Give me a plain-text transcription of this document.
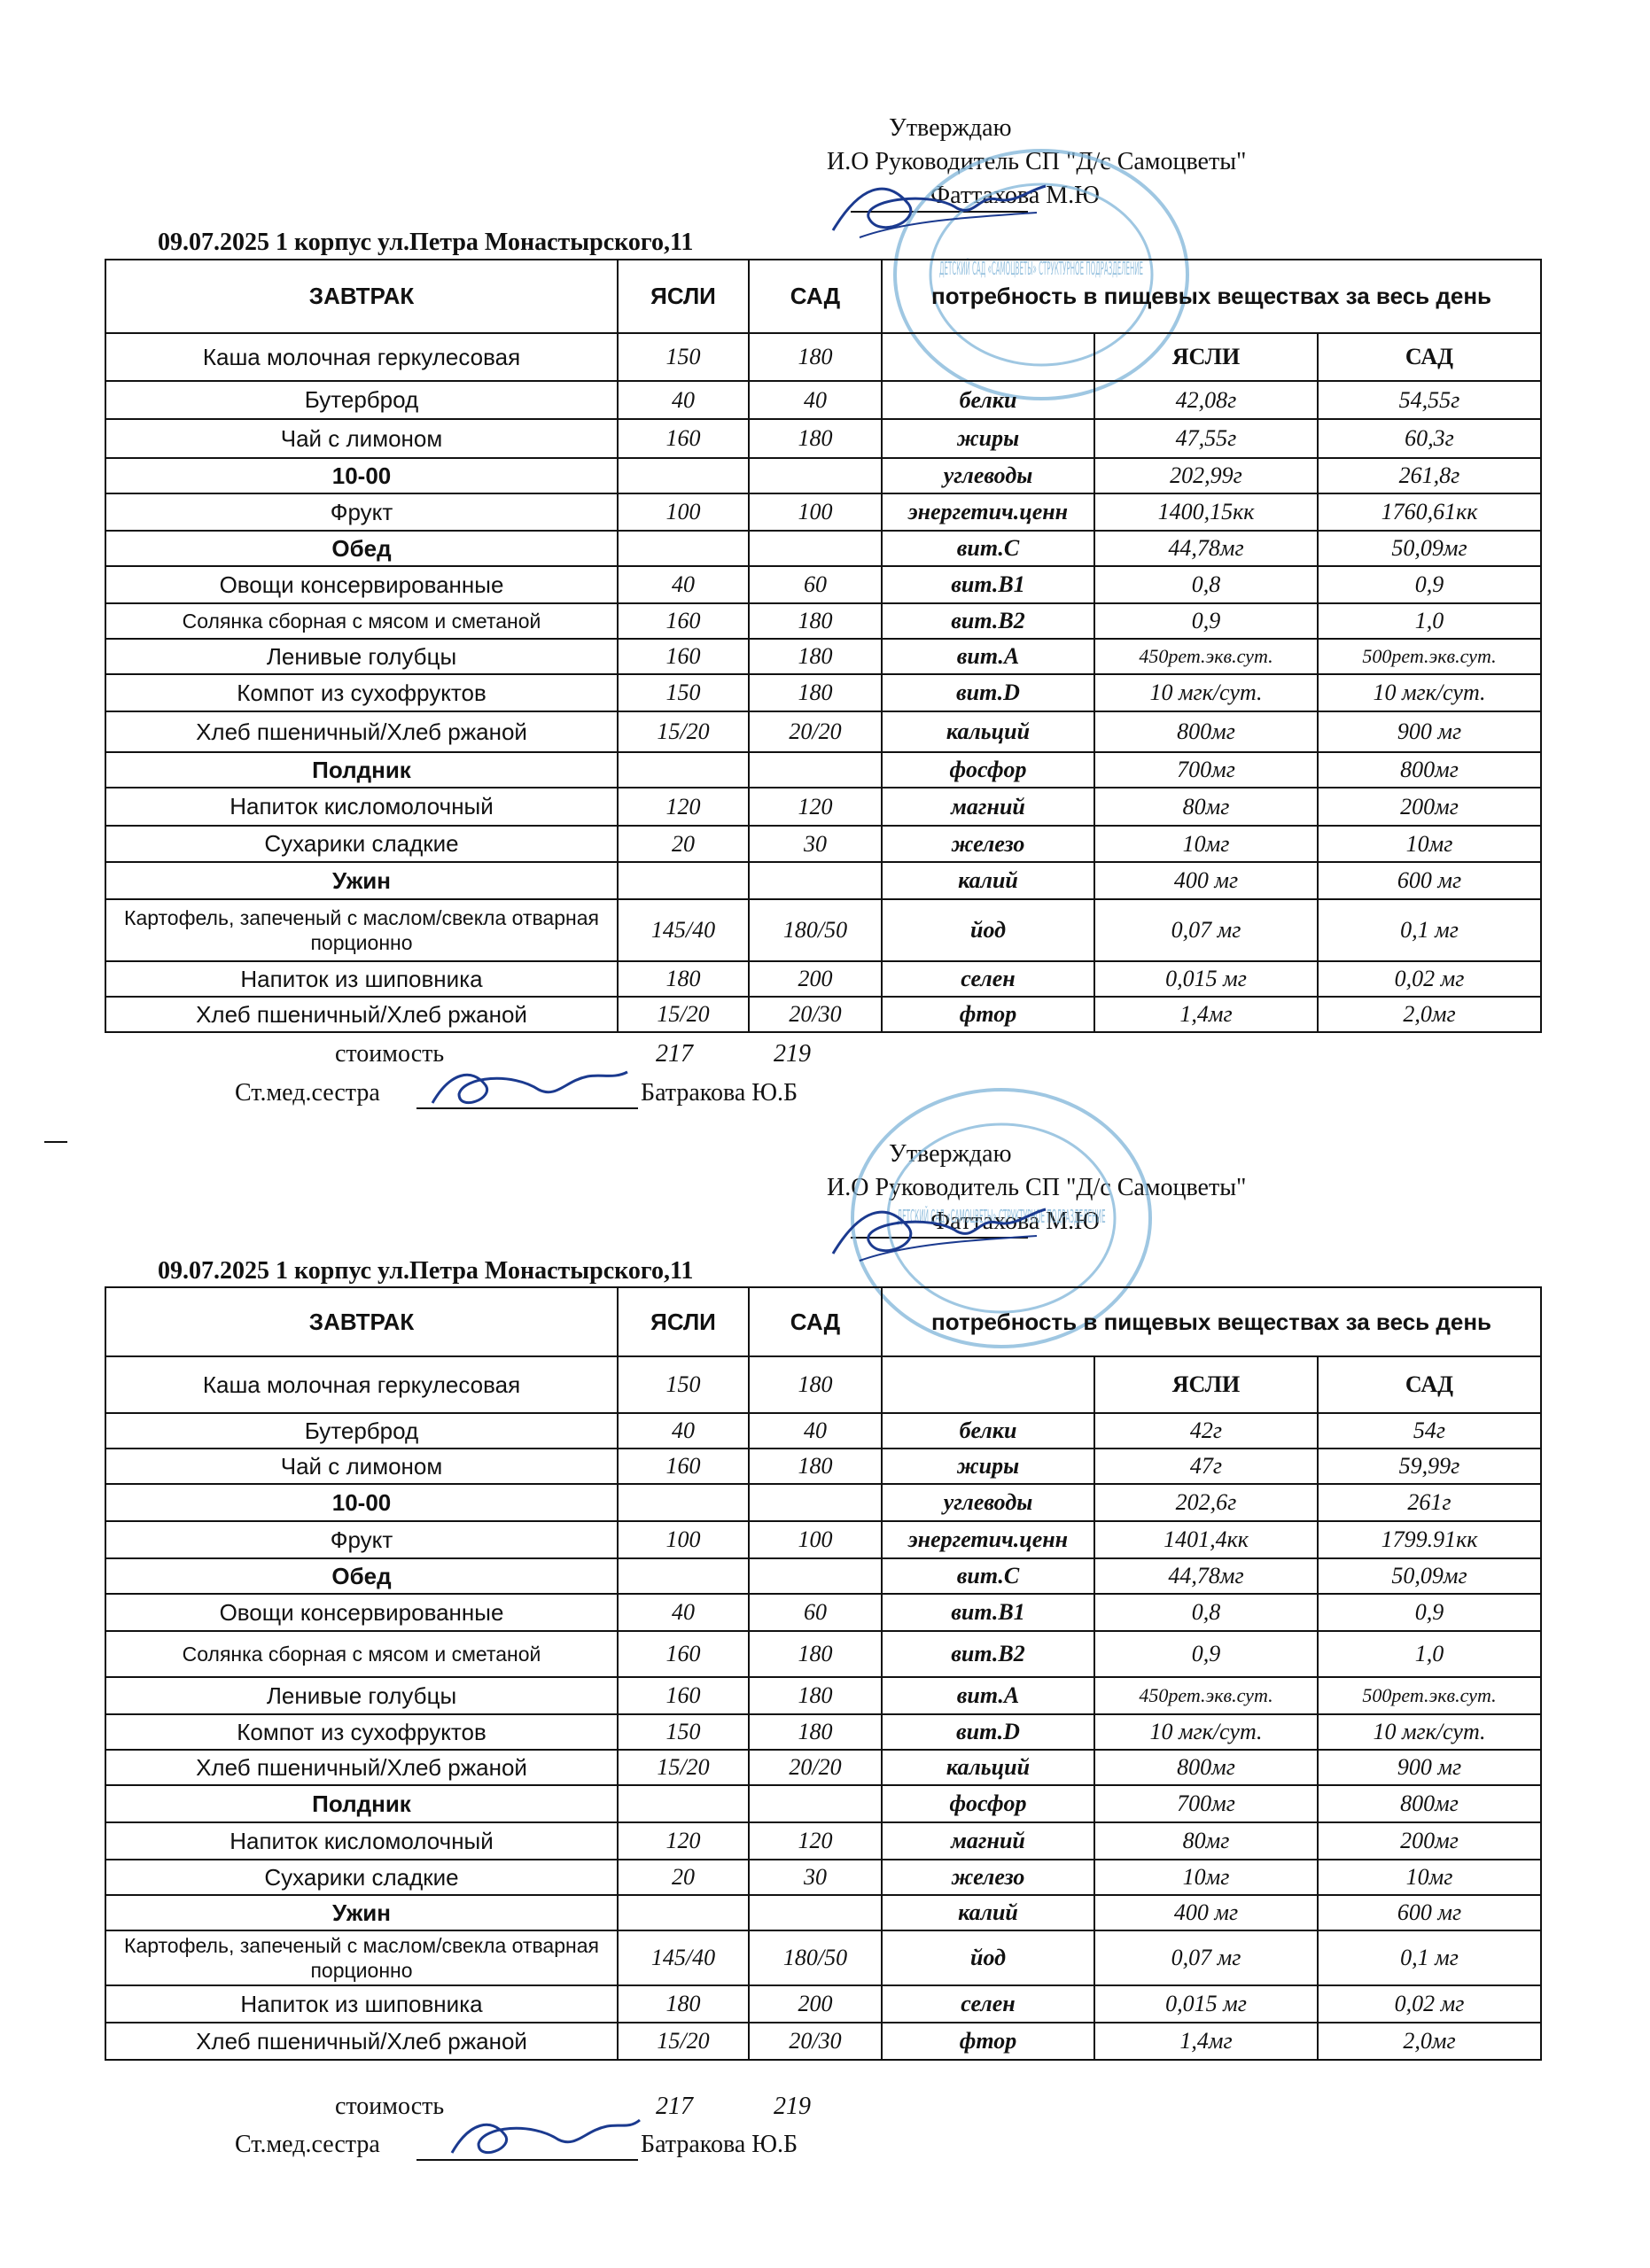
Утверждаю
И.О Руководитель СП "Д/с Самоцветы"
Фаттахова М.Ю
ДЕТСКИЙ САД «САМОЦВЕТЫ» СТРУКТУРНОЕ ПОДРАЗДЕЛЕНИЕ
09.07.2025 1 корпус ул.Петра Монастырского,11
ЗАВТРАК	ЯСЛИ	САД	потребность в пищевых веществах за весь день		
Каша молочная геркулесовая	150	180		ЯСЛИ	САД
Бутерброд	40	40	белки	42,08г	54,55г
Чай с лимоном	160	180	жиры	47,55г	60,3г
10-00			углеводы	202,99г	261,8г
Фрукт	100	100	энергетич.ценн	1400,15кк	1760,61кк
Обед			вит.С	44,78мг	50,09мг
Овощи консервированные	40	60	вит.В1	0,8	0,9
Солянка сборная с мясом и сметаной	160	180	вит.В2	0,9	1,0
Ленивые голубцы	160	180	вит.А	450рет.экв.сут.	500рет.экв.сут.
Компот из сухофруктов	150	180	вит.D	10 мгк/сут.	10 мгк/сут.
Хлеб пшеничный/Хлеб ржаной	15/20	20/20	кальций	800мг	900 мг
Полдник			фосфор	700мг	800мг
Напиток кисломолочный	120	120	магний	80мг	200мг
Сухарики сладкие	20	30	железо	10мг	10мг
Ужин			калий	400 мг	600 мг
Картофель, запеченый с маслом/свекла отварная порционно	145/40	180/50	йод	0,07 мг	0,1 мг
Напиток из шиповника	180	200	селен	0,015 мг	0,02 мг
Хлеб пшеничный/Хлеб ржаной	15/20	20/30	фтор	1,4мг	2,0мг
стоимость	217	219
Ст.мед.сестра	Батракова Ю.Б
Утверждаю
И.О Руководитель СП "Д/с Самоцветы"
Фаттахова М.Ю
ДЕТСКИЙ САД «САМОЦВЕТЫ» СТРУКТУРНОЕ ПОДРАЗДЕЛЕНИЕ
09.07.2025 1 корпус ул.Петра Монастырского,11
ЗАВТРАК	ЯСЛИ	САД	потребность в пищевых веществах за весь день		
Каша молочная геркулесовая	150	180		ЯСЛИ	САД
Бутерброд	40	40	белки	42г	54г
Чай с лимоном	160	180	жиры	47г	59,99г
10-00			углеводы	202,6г	261г
Фрукт	100	100	энергетич.ценн	1401,4кк	1799.91кк
Обед			вит.С	44,78мг	50,09мг
Овощи консервированные	40	60	вит.В1	0,8	0,9
Солянка сборная с мясом и сметаной	160	180	вит.В2	0,9	1,0
Ленивые голубцы	160	180	вит.А	450рет.экв.сут.	500рет.экв.сут.
Компот из сухофруктов	150	180	вит.D	10 мгк/сут.	10 мгк/сут.
Хлеб пшеничный/Хлеб ржаной	15/20	20/20	кальций	800мг	900 мг
Полдник			фосфор	700мг	800мг
Напиток кисломолочный	120	120	магний	80мг	200мг
Сухарики сладкие	20	30	железо	10мг	10мг
Ужин			калий	400 мг	600 мг
Картофель, запеченый с маслом/свекла отварная порционно	145/40	180/50	йод	0,07 мг	0,1 мг
Напиток из шиповника	180	200	селен	0,015 мг	0,02 мг
Хлеб пшеничный/Хлеб ржаной	15/20	20/30	фтор	1,4мг	2,0мг
стоимость	217	219
Ст.мед.сестра	Батракова Ю.Б
